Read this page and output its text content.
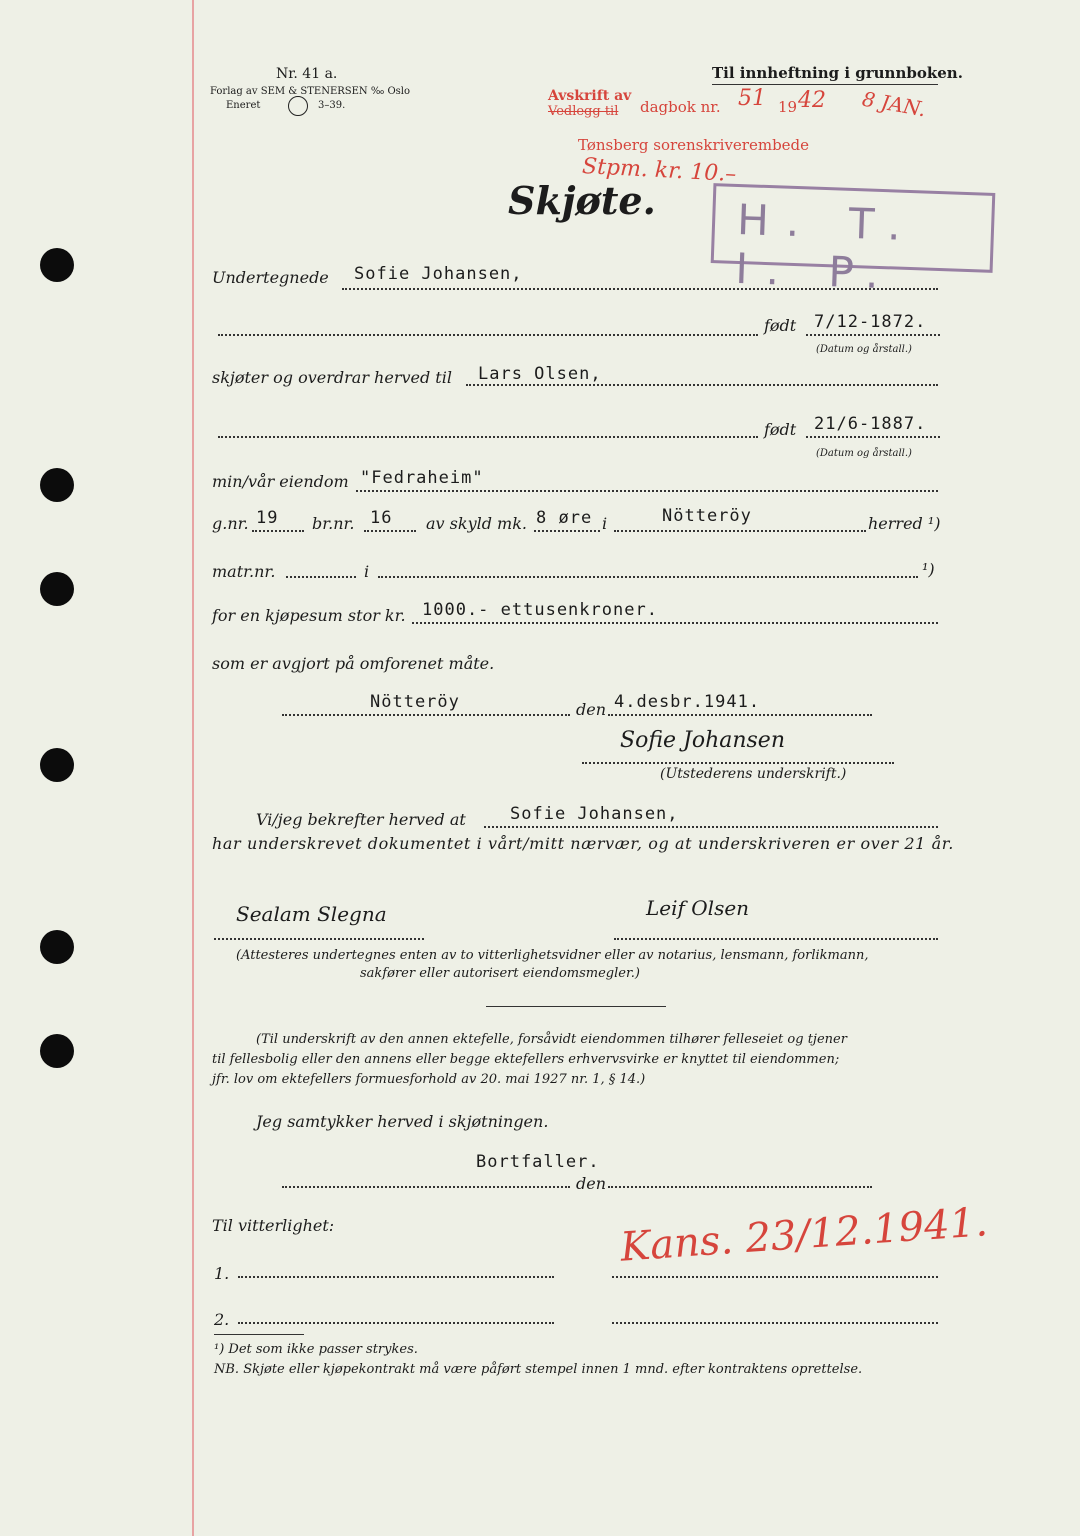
Nr. 41 a.
Forlag av SEM & STENERSEN ‰ Oslo
Eneret	3–39.
Til innheftning i grunnboken.
Avskrift av
Vedlegg til dagbok nr. 51 19 42 8 JAN.
Tønsberg sorenskriverembede
Stpm. kr. 10.–
Skjøte. H. T. I. P.
Undertegnede Sofie Johansen,
født 7/12-1872.
(Datum og årstall.)
skjøter og overdrar herved til Lars Olsen,
født 21/6-1887.
(Datum og årstall.)
min/vår eiendom "Fedraheim"
g.nr. 19 br.nr. 16 av skyld mk. 8 øre i	Nötteröy	herred ¹)
matr.nr.	i	¹)
for en kjøpesum stor kr. 1000.- ettusenkroner.
som er avgjort på omforenet måte.
Nötteröy	den 4.desbr.1941.
Sofie Johansen
(Utstederens underskrift.)
Vi/jeg bekrefter herved at	Sofie Johansen,
har underskrevet dokumentet i vårt/mitt nærvær, og at underskriveren er over 21 år.
Sealam Slegna	Leif Olsen
(Attesteres undertegnes enten av to vitterlighetsvidner eller av notarius, lensmann, forlikmann,
sakfører eller autorisert eiendomsmegler.)
(Til underskrift av den annen ektefelle, forsåvidt eiendommen tilhører felleseiet og tjener
til fellesbolig eller den annens eller begge ektefellers erhvervsvirke er knyttet til eiendommen;
jfr. lov om ektefellers formuesforhold av 20. mai 1927 nr. 1, § 14.)
Jeg samtykker herved i skjøtningen.
Bortfaller.
den
Til vitterlighet:	Kans. 23/12.1941.
1.
2.
¹) Det som ikke passer strykes.
NB. Skjøte eller kjøpekontrakt må være påført stempel innen 1 mnd. efter kontraktens oprettelse.
